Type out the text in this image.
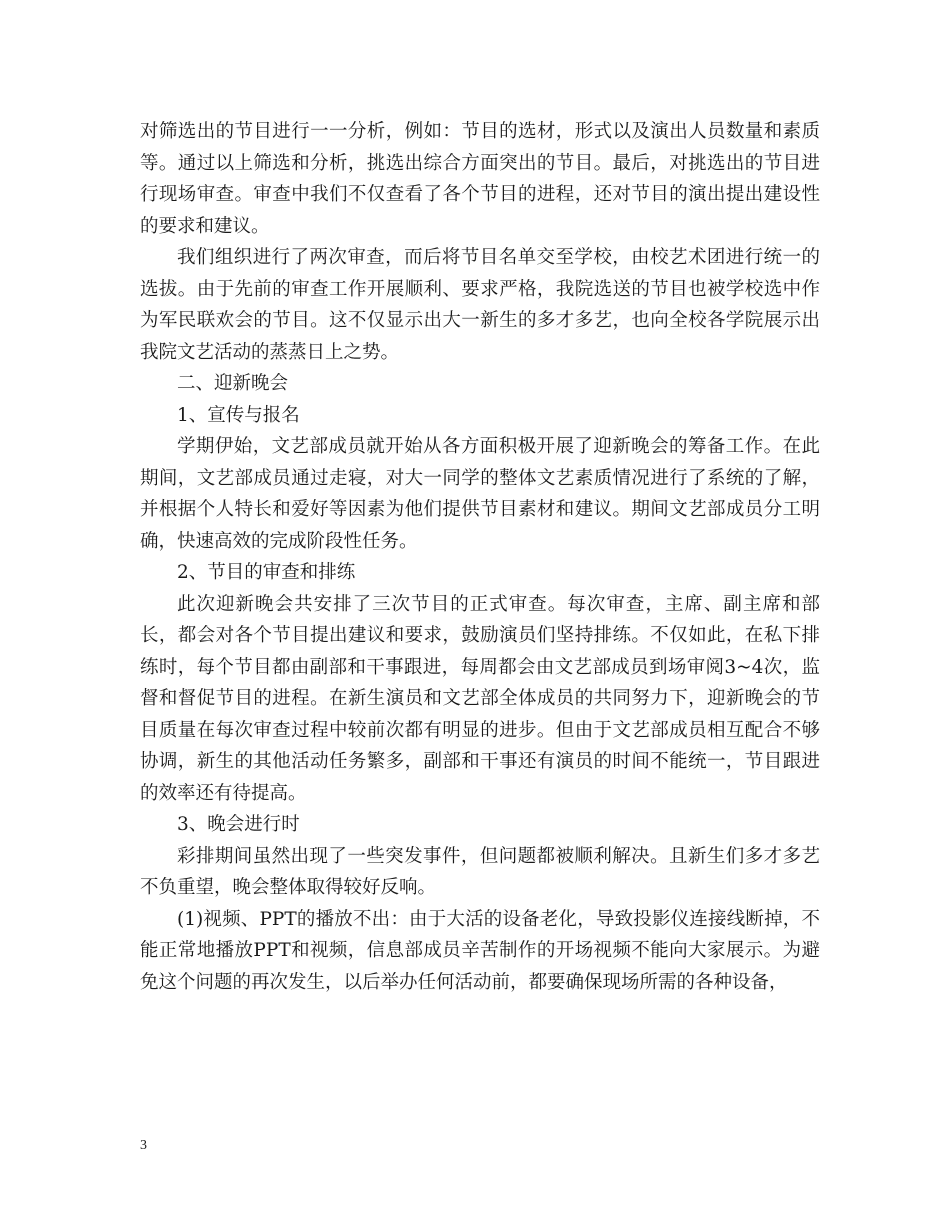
对筛选出的节目进行一一分析，例如：节目的选材，形式以及演出人员数量和素质等。通过以上筛选和分析，挑选出综合方面突出的节目。最后，对挑选出的节目进行现场审查。审查中我们不仅查看了各个节目的进程，还对节目的演出提出建设性的要求和建议。

我们组织进行了两次审查，而后将节目名单交至学校，由校艺术团进行统一的选拔。由于先前的审查工作开展顺利、要求严格，我院选送的节目也被学校选中作为军民联欢会的节目。这不仅显示出大一新生的多才多艺，也向全校各学院展示出我院文艺活动的蒸蒸日上之势。

二、迎新晚会

1、宣传与报名

学期伊始，文艺部成员就开始从各方面积极开展了迎新晚会的筹备工作。在此期间，文艺部成员通过走寝，对大一同学的整体文艺素质情况进行了系统的了解，并根据个人特长和爱好等因素为他们提供节目素材和建议。期间文艺部成员分工明确，快速高效的完成阶段性任务。

2、节目的审查和排练

此次迎新晚会共安排了三次节目的正式审查。每次审查，主席、副主席和部长，都会对各个节目提出建议和要求，鼓励演员们坚持排练。不仅如此，在私下排练时，每个节目都由副部和干事跟进，每周都会由文艺部成员到场审阅3~4次，监督和督促节目的进程。在新生演员和文艺部全体成员的共同努力下，迎新晚会的节目质量在每次审查过程中较前次都有明显的进步。但由于文艺部成员相互配合不够协调，新生的其他活动任务繁多，副部和干事还有演员的时间不能统一，节目跟进的效率还有待提高。

3、晚会进行时

彩排期间虽然出现了一些突发事件，但问题都被顺利解决。且新生们多才多艺不负重望，晚会整体取得较好反响。

(1)视频、PPT的播放不出：由于大活的设备老化，导致投影仪连接线断掉，不能正常地播放PPT和视频，信息部成员辛苦制作的开场视频不能向大家展示。为避免这个问题的再次发生，以后举办任何活动前，都要确保现场所需的各种设备，

3
